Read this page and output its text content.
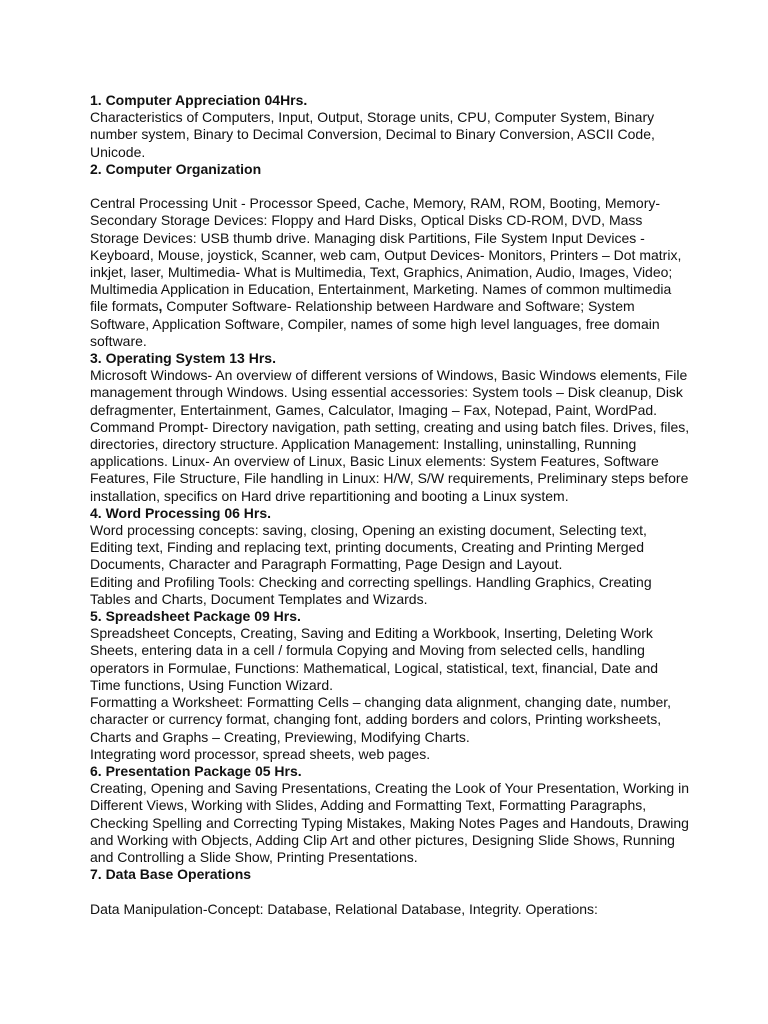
1. Computer Appreciation 04Hrs.

Characteristics of Computers, Input, Output, Storage units, CPU, Computer System, Binary number system, Binary to Decimal Conversion, Decimal to Binary Conversion, ASCII Code, Unicode.

2. Computer Organization

Central Processing Unit - Processor Speed, Cache, Memory, RAM, ROM, Booting, Memory- Secondary Storage Devices: Floppy and Hard Disks, Optical Disks CD-ROM, DVD, Mass Storage Devices: USB thumb drive. Managing disk Partitions, File System Input Devices - Keyboard, Mouse, joystick, Scanner, web cam, Output Devices- Monitors, Printers – Dot matrix, inkjet, laser, Multimedia- What is Multimedia, Text, Graphics, Animation, Audio, Images, Video; Multimedia Application in Education, Entertainment, Marketing. Names of common multimedia file formats, Computer Software- Relationship between Hardware and Software; System Software, Application Software, Compiler, names of some high level languages, free domain software.

3. Operating System 13 Hrs.

Microsoft Windows- An overview of different versions of Windows, Basic Windows elements, File management through Windows. Using essential accessories: System tools – Disk cleanup, Disk defragmenter, Entertainment, Games, Calculator, Imaging – Fax, Notepad, Paint, WordPad. Command Prompt- Directory navigation, path setting, creating and using batch files. Drives, files, directories, directory structure. Application Management: Installing, uninstalling, Running applications. Linux- An overview of Linux, Basic Linux elements: System Features, Software Features, File Structure, File handling in Linux: H/W, S/W requirements, Preliminary steps before installation, specifics on Hard drive repartitioning and booting a Linux system.

4. Word Processing 06 Hrs.

Word processing concepts: saving, closing, Opening an existing document, Selecting text, Editing text, Finding and replacing text, printing documents, Creating and Printing Merged Documents, Character and Paragraph Formatting, Page Design and Layout.

Editing and Profiling Tools: Checking and correcting spellings. Handling Graphics, Creating Tables and Charts, Document Templates and Wizards.

5. Spreadsheet Package 09 Hrs.

Spreadsheet Concepts, Creating, Saving and Editing a Workbook, Inserting, Deleting Work Sheets, entering data in a cell / formula Copying and Moving from selected cells, handling operators in Formulae, Functions: Mathematical, Logical, statistical, text, financial, Date and Time functions, Using Function Wizard.

Formatting a Worksheet: Formatting Cells – changing data alignment, changing date, number, character or currency format, changing font, adding borders and colors, Printing worksheets, Charts and Graphs – Creating, Previewing, Modifying Charts.

Integrating word processor, spread sheets, web pages.

6. Presentation Package 05 Hrs.

Creating, Opening and Saving Presentations, Creating the Look of Your Presentation, Working in Different Views, Working with Slides, Adding and Formatting Text, Formatting Paragraphs, Checking Spelling and Correcting Typing Mistakes, Making Notes Pages and Handouts, Drawing and Working with Objects, Adding Clip Art and other pictures, Designing Slide Shows, Running and Controlling a Slide Show, Printing Presentations.

7. Data Base Operations

Data Manipulation-Concept: Database, Relational Database, Integrity. Operations:
